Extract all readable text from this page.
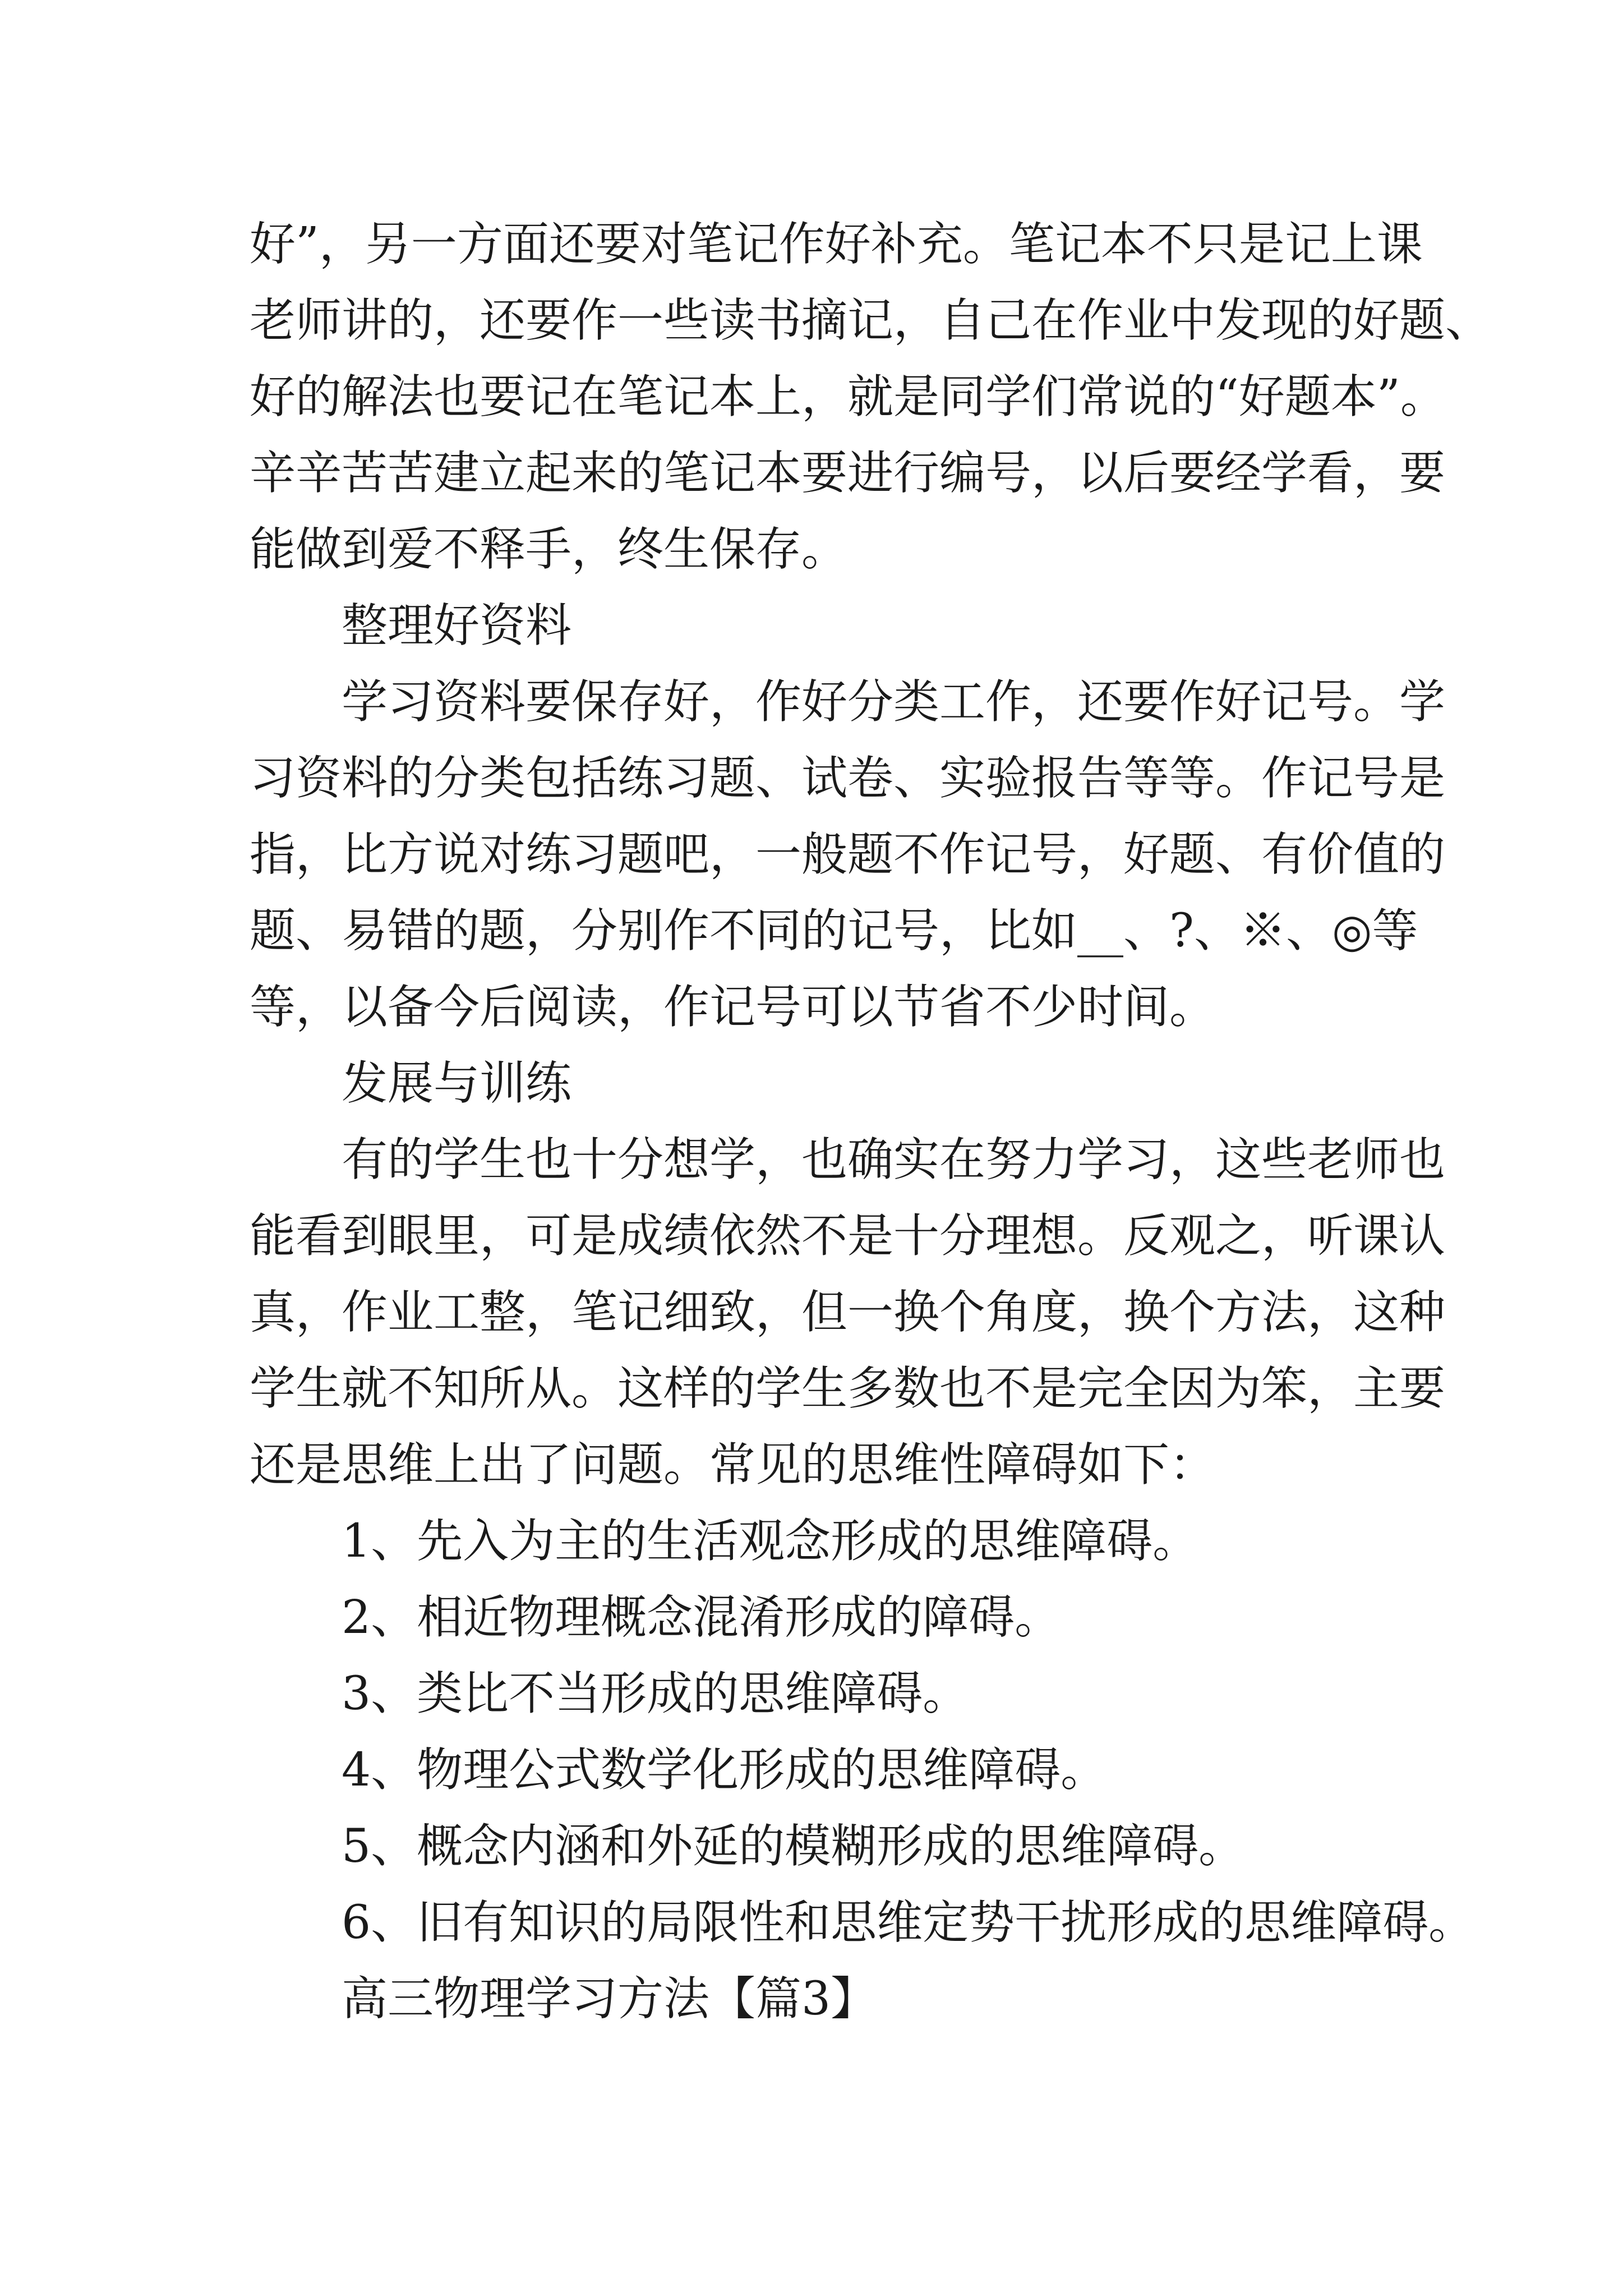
好”，另一方面还要对笔记作好补充。笔记本不只是记上课
老师讲的，还要作一些读书摘记，自己在作业中发现的好题、
好的解法也要记在笔记本上，就是同学们常说的“好题本”。
辛辛苦苦建立起来的笔记本要进行编号，以后要经学看，要
能做到爱不释手，终生保存。
整理好资料
学习资料要保存好，作好分类工作，还要作好记号。学
习资料的分类包括练习题、试卷、实验报告等等。作记号是
指，比方说对练习题吧，一般题不作记号，好题、有价值的
题、易错的题，分别作不同的记号，比如__、?、※、◎等
等，以备今后阅读，作记号可以节省不少时间。
发展与训练
有的学生也十分想学，也确实在努力学习，这些老师也
能看到眼里，可是成绩依然不是十分理想。反观之，听课认
真，作业工整，笔记细致，但一换个角度，换个方法，这种
学生就不知所从。这样的学生多数也不是完全因为笨，主要
还是思维上出了问题。常见的思维性障碍如下：
1、先入为主的生活观念形成的思维障碍。
2、相近物理概念混淆形成的障碍。
3、类比不当形成的思维障碍。
4、物理公式数学化形成的思维障碍。
5、概念内涵和外延的模糊形成的思维障碍。
6、旧有知识的局限性和思维定势干扰形成的思维障碍。
高三物理学习方法【篇3】
